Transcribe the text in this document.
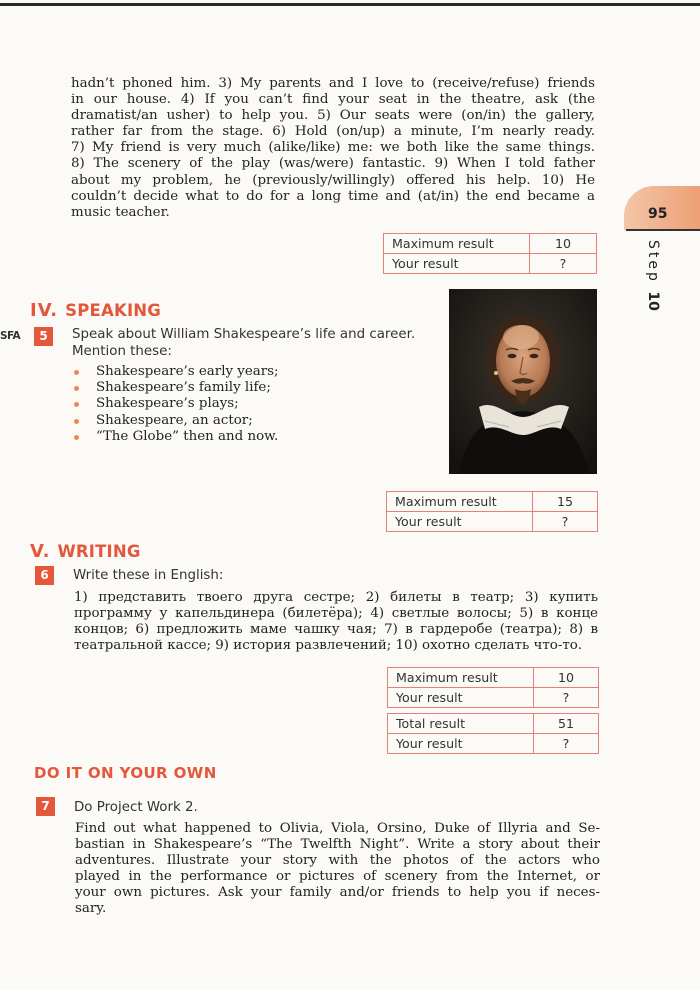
95
Step 10
hadn’t phoned him. 3) My parents and I love to (receive/refuse) friends
in our house. 4) If you can’t find your seat in the theatre, ask (the
dramatist/an usher) to help you. 5) Our seats were (on/in) the gallery,
rather far from the stage. 6) Hold (on/up) a minute, I’m nearly ready.
7) My friend is very much (alike/like) me: we both like the same things.
8) The scenery of the play (was/were) fantastic. 9) When I told father
about my problem, he (previously/willingly) offered his help. 10) He
couldn’t decide what to do for a long time and (at/in) the end became a
music teacher.
Maximum result	10
Your result	?
IV. SPEAKING
SFA	5	Speak about William Shakespeare’s life and career.
Mention these:
Shakespeare’s early years;
Shakespeare’s family life;
Shakespeare’s plays;
Shakespeare, an actor;
“The Globe” then and now.
Maximum result	15
Your result	?
V. WRITING
6	Write these in English:
1) представить твоего друга сестре; 2) билеты в театр; 3) купить
программу у капельдинера (билетёра); 4) светлые волосы; 5) в конце
концов; 6) предложить маме чашку чая; 7) в гардеробе (театра); 8) в
театральной кассе; 9) история развлечений; 10) охотно сделать что-то.
Maximum result	10
Your result	?
Total result	51
Your result	?
DO IT ON YOUR OWN
7	Do Project Work 2.
Find out what happened to Olivia, Viola, Orsino, Duke of Illyria and Se-
bastian in Shakespeare’s “The Twelfth Night”. Write a story about their
adventures. Illustrate your story with the photos of the actors who
played in the performance or pictures of scenery from the Internet, or
your own pictures. Ask your family and/or friends to help you if neces-
sary.
